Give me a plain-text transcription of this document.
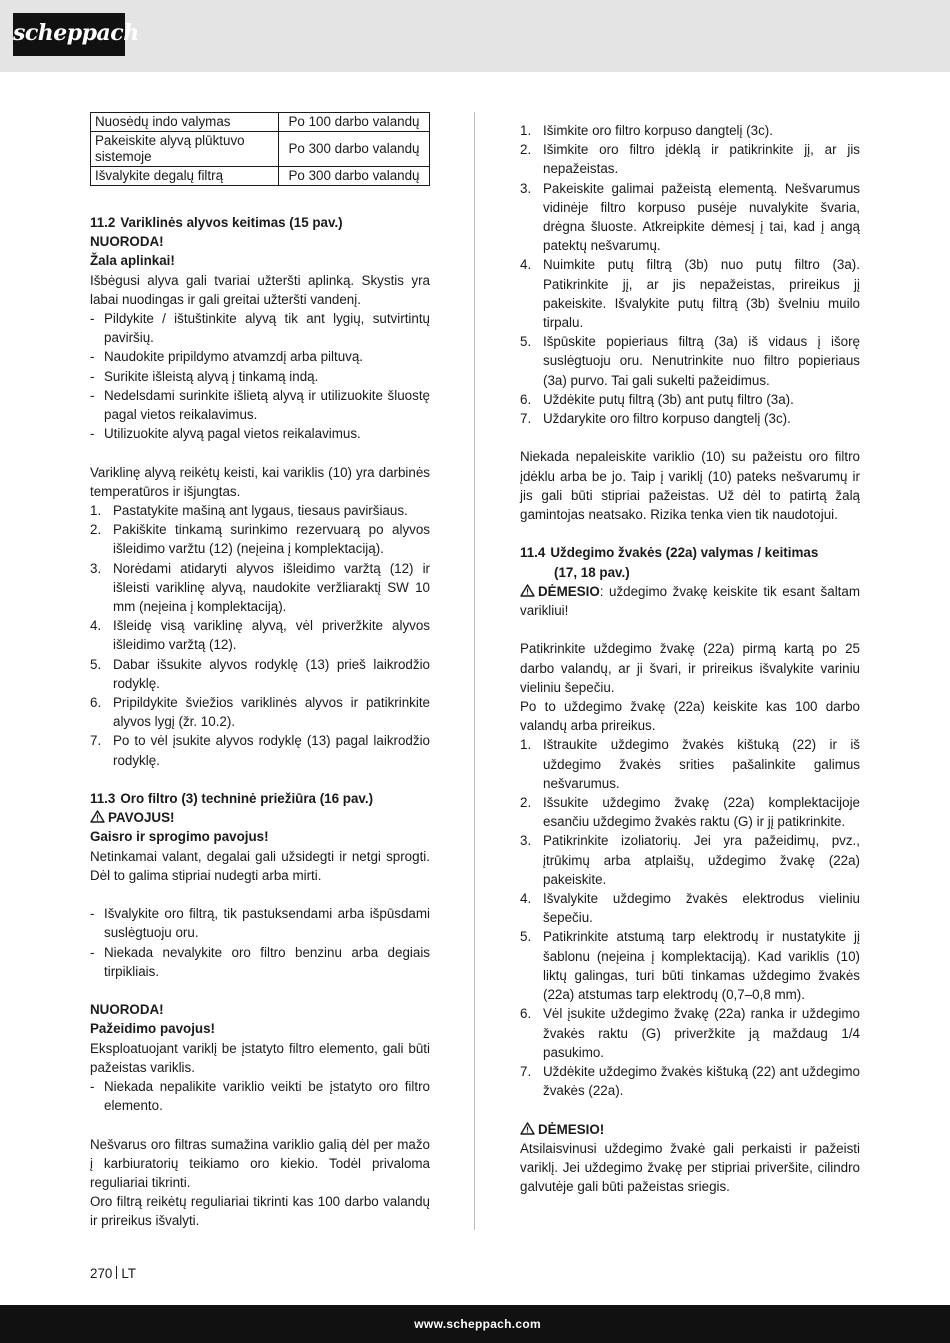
scheppach
Nuosėdų indo valymas	Po 100 darbo valandų
Pakeiskite alyvą plūktuvo sistemoje	Po 300 darbo valandų
Išvalykite degalų filtrą	Po 300 darbo valandų
11.2 Variklinės alyvos keitimas (15 pav.)
NUORODA!
Žala aplinkai!

Išbėgusi alyva gali tvariai užteršti aplinką. Skystis yra labai nuodingas ir gali greitai užteršti vandenį.

- Pildykite / ištuštinkite alyvą tik ant lygių, sutvirtintų paviršių.
- Naudokite pripildymo atvamzdį arba piltuvą.
- Surikite išleistą alyvą į tinkamą indą.
- Nedelsdami surinkite išlietą alyvą ir utilizuokite šluostę pagal vietos reikalavimus.
- Utilizuokite alyvą pagal vietos reikalavimus.

Variklinę alyvą reikėtų keisti, kai variklis (10) yra darbinės temperatūros ir išjungtas.

1. Pastatykite mašiną ant lygaus, tiesaus paviršiaus.
2. Pakiškite tinkamą surinkimo rezervuarą po alyvos išleidimo varžtu (12) (neįeina į komplektaciją).
3. Norėdami atidaryti alyvos išleidimo varžtą (12) ir išleisti variklinę alyvą, naudokite veržliaraktį SW 10 mm (neįeina į komplektaciją).
4. Išleidę visą variklinę alyvą, vėl priveržkite alyvos išleidimo varžtą (12).
5. Dabar išsukite alyvos rodyklę (13) prieš laikrodžio rodyklę.
6. Pripildykite šviežios variklinės alyvos ir patikrinkite alyvos lygį (žr. 10.2).
7. Po to vėl įsukite alyvos rodyklę (13) pagal laikrodžio rodyklę.
11.3 Oro filtro (3) techninė priežiūra (16 pav.)
PAVOJUS!
Gaisro ir sprogimo pavojus!

Netinkamai valant, degalai gali užsidegti ir netgi sprogti. Dėl to galima stipriai nudegti arba mirti.

- Išvalykite oro filtrą, tik pastuksendami arba išpūsdami suslėgtuoju oru.
- Niekada nevalykite oro filtro benzinu arba degiais tirpikliais.
NUORODA!
Pažeidimo pavojus!

Eksploatuojant variklį be įstatyto filtro elemento, gali būti pažeistas variklis.

- Niekada nepalikite variklio veikti be įstatyto oro filtro elemento.

Nešvarus oro filtras sumažina variklio galią dėl per mažo į karbiuratorių teikiamo oro kiekio. Todėl privaloma reguliariai tikrinti.

Oro filtrą reikėtų reguliariai tikrinti kas 100 darbo valandų ir prireikus išvalyti.

1. Išimkite oro filtro korpuso dangtelį (3c).
2. Išimkite oro filtro įdėklą ir patikrinkite jį, ar jis nepažeistas.
3. Pakeiskite galimai pažeistą elementą. Nešvarumus vidinėje filtro korpuso pusėje nuvalykite švaria, drėgna šluoste. Atkreipkite dėmesį į tai, kad į angą patektų nešvarumų.
4. Nuimkite putų filtrą (3b) nuo putų filtro (3a). Patikrinkite jį, ar jis nepažeistas, prireikus jį pakeiskite. Išvalykite putų filtrą (3b) švelniu muilo tirpalu.
5. Išpūskite popieriaus filtrą (3a) iš vidaus į išorę suslėgtuoju oru. Nenutrinkite nuo filtro popieriaus (3a) purvo. Tai gali sukelti pažeidimus.
6. Uždėkite putų filtrą (3b) ant putų filtro (3a).
7. Uždarykite oro filtro korpuso dangtelį (3c).

Niekada nepaleiskite variklio (10) su pažeistu oro filtro įdėklu arba be jo. Taip į variklį (10) pateks nešvarumų ir jis gali būti stipriai pažeistas. Už dėl to patirtą žalą gamintojas neatsako. Rizika tenka vien tik naudotojui.

11.4 Uždegimo žvakės (22a) valymas / keitimas
(17, 18 pav.)

DĖMESIO: uždegimo žvakę keiskite tik esant šaltam varikliui!

Patikrinkite uždegimo žvakę (22a) pirmą kartą po 25 darbo valandų, ar ji švari, ir prireikus išvalykite variniu vieliniu šepečiu.

Po to uždegimo žvakę (22a) keiskite kas 100 darbo valandų arba prireikus.

1. Ištraukite uždegimo žvakės kištuką (22) ir iš uždegimo žvakės srities pašalinkite galimus nešvarumus.
2. Išsukite uždegimo žvakę (22a) komplektacijoje esančiu uždegimo žvakės raktu (G) ir jį patikrinkite.
3. Patikrinkite izoliatorių. Jei yra pažeidimų, pvz., įtrūkimų arba atplaišų, uždegimo žvakę (22a) pakeiskite.
4. Išvalykite uždegimo žvakės elektrodus vieliniu šepečiu.
5. Patikrinkite atstumą tarp elektrodų ir nustatykite jį šablonu (neįeina į komplektaciją). Kad variklis (10) liktų galingas, turi būti tinkamas uždegimo žvakės (22a) atstumas tarp elektrodų (0,7–0,8 mm).
6. Vėl įsukite uždegimo žvakę (22a) ranka ir uždegimo žvakės raktu (G) priveržkite ją maždaug 1/4 pasukimo.
7. Uždėkite uždegimo žvakės kištuką (22) ant uždegimo žvakės (22a).
DĖMESIO!

Atsilaisvinusi uždegimo žvakė gali perkaisti ir pažeisti variklį. Jei uždegimo žvakę per stipriai priveršite, cilindro galvutėje gali būti pažeistas sriegis.

270 LT
www.scheppach.com
